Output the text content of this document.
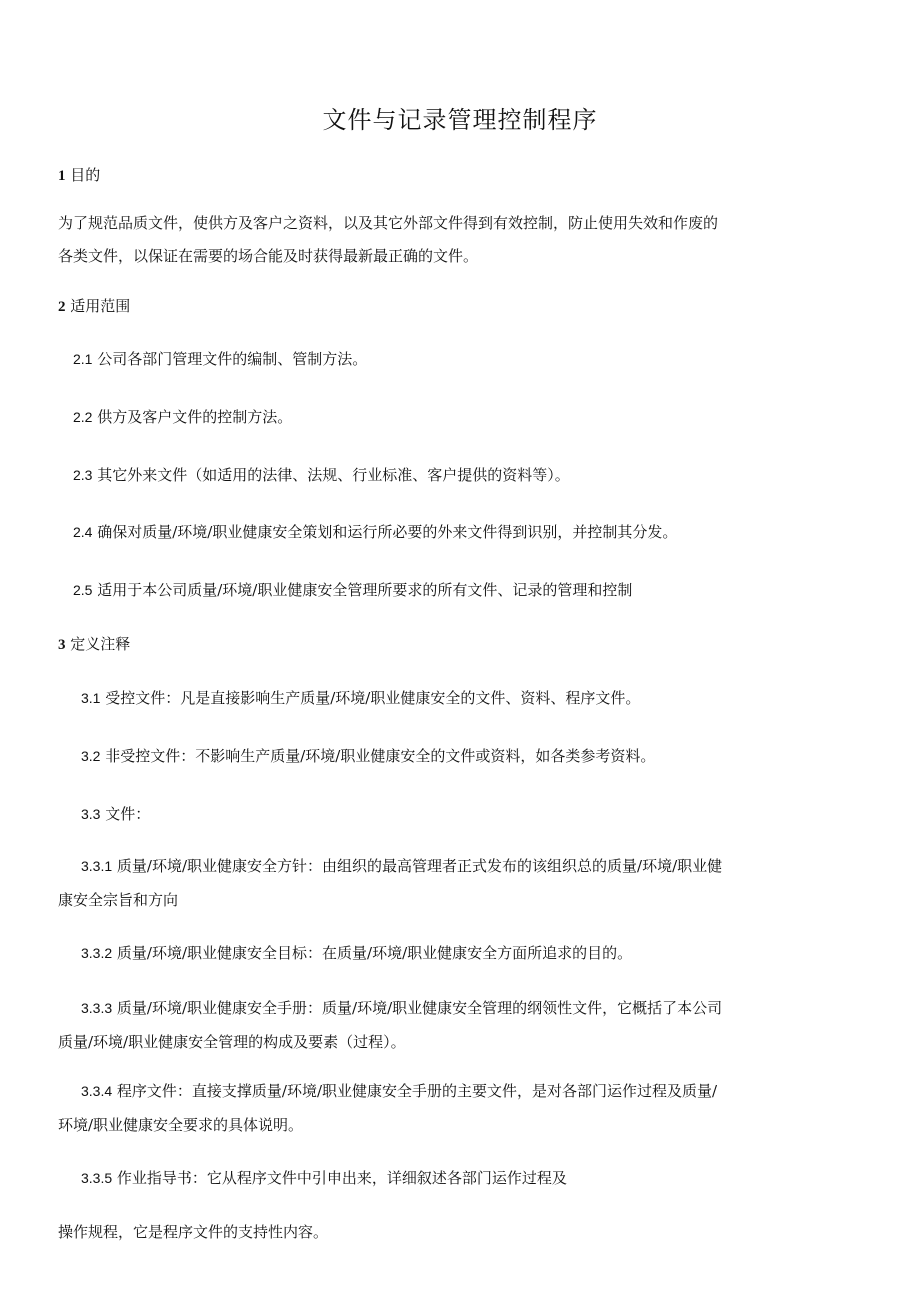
文件与记录管理控制程序
1 目的
为了规范品质文件，使供方及客户之资料，以及其它外部文件得到有效控制，防止使用失效和作废的
各类文件，以保证在需要的场合能及时获得最新最正确的文件。
2 适用范围
2.1 公司各部门管理文件的编制、管制方法。
2.2 供方及客户文件的控制方法。
2.3 其它外来文件（如适用的法律、法规、行业标准、客户提供的资料等）。
2.4 确保对质量/环境/职业健康安全策划和运行所必要的外来文件得到识别，并控制其分发。
2.5 适用于本公司质量/环境/职业健康安全管理所要求的所有文件、记录的管理和控制
3 定义注释
3.1 受控文件：凡是直接影响生产质量/环境/职业健康安全的文件、资料、程序文件。
3.2 非受控文件：不影响生产质量/环境/职业健康安全的文件或资料，如各类参考资料。
3.3 文件：
3.3.1 质量/环境/职业健康安全方针：由组织的最高管理者正式发布的该组织总的质量/环境/职业健
康安全宗旨和方向
3.3.2 质量/环境/职业健康安全目标：在质量/环境/职业健康安全方面所追求的目的。
3.3.3 质量/环境/职业健康安全手册：质量/环境/职业健康安全管理的纲领性文件，它概括了本公司
质量/环境/职业健康安全管理的构成及要素（过程）。
3.3.4 程序文件：直接支撑质量/环境/职业健康安全手册的主要文件，是对各部门运作过程及质量/
环境/职业健康安全要求的具体说明。
3.3.5 作业指导书：它从程序文件中引申出来，详细叙述各部门运作过程及
操作规程，它是程序文件的支持性内容。
